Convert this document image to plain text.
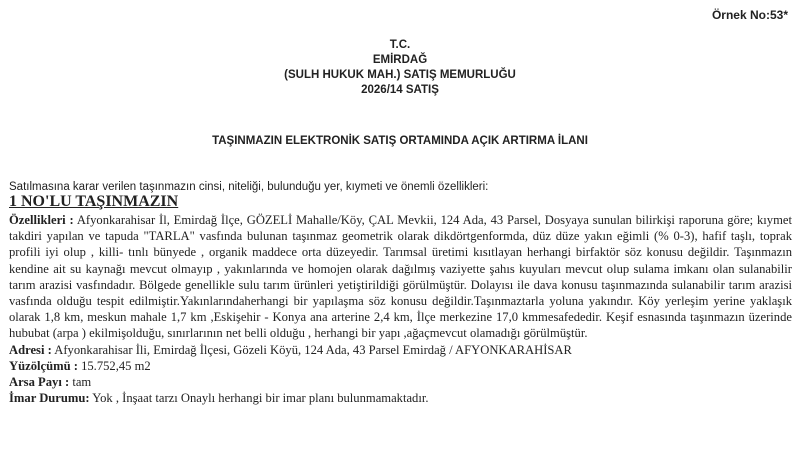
Örnek No:53*
T.C.
EMİRDAĞ
(SULH HUKUK MAH.) SATIŞ MEMURLUĞU
2026/14 SATIŞ
TAŞINMAZIN ELEKTRONİK SATIŞ ORTAMINDA AÇIK ARTIRMA İLANI
Satılmasına karar verilen taşınmazın cinsi, niteliği, bulunduğu yer, kıymeti ve önemli özellikleri:
1 NO'LU TAŞINMAZIN

Özellikleri : Afyonkarahisar İl, Emirdağ İlçe, GÖZELİ Mahalle/Köy, ÇAL Mevkii, 124 Ada, 43 Parsel, Dosyaya sunulan bilirkişi raporuna göre; kıymet takdiri yapılan ve tapuda "TARLA" vasfında bulunan taşınmaz geometrik olarak dikdörtgenformda, düz düze yakın eğimli (% 0-3), hafif taşlı, toprak profili iyi olup , killi- tınlı bünyede , organik maddece orta düzeyedir. Tarımsal üretimi kısıtlayan herhangi birfaktör söz konusu değildir. Taşınmazın kendine ait su kaynağı mevcut olmayıp , yakınlarında ve homojen olarak dağılmış vaziyette şahıs kuyuları mevcut olup sulama imkanı olan sulanabilir tarım arazisi vasfındadır. Bölgede genellikle sulu tarım ürünleri yetiştirildiği görülmüştür. Dolayısı ile dava konusu taşınmazında sulanabilir tarım arazisi vasfında olduğu tespit edilmiştir.Yakınlarındaherhangi bir yapılaşma söz konusu değildir.Taşınmaztarla yoluna yakındır. Köy yerleşim yerine yaklaşık olarak 1,8 km, meskun mahale 1,7 km ,Eskişehir - Konya ana arterine 2,4 km, İlçe merkezine 17,0 kmmesafededir. Keşif esnasında taşınmazın üzerinde hububat (arpa ) ekilmişolduğu, sınırlarının net belli olduğu , herhangi bir yapı ,ağaçmevcut olamadığı görülmüştür.

Adresi : Afyonkarahisar İli, Emirdağ İlçesi, Gözeli Köyü, 124 Ada, 43 Parsel Emirdağ / AFYONKARAHİSAR

Yüzölçümü : 15.752,45 m2

Arsa Payı : tam

İmar Durumu: Yok , İnşaat tarzı Onaylı herhangi bir imar planı bulunmamaktadır.
